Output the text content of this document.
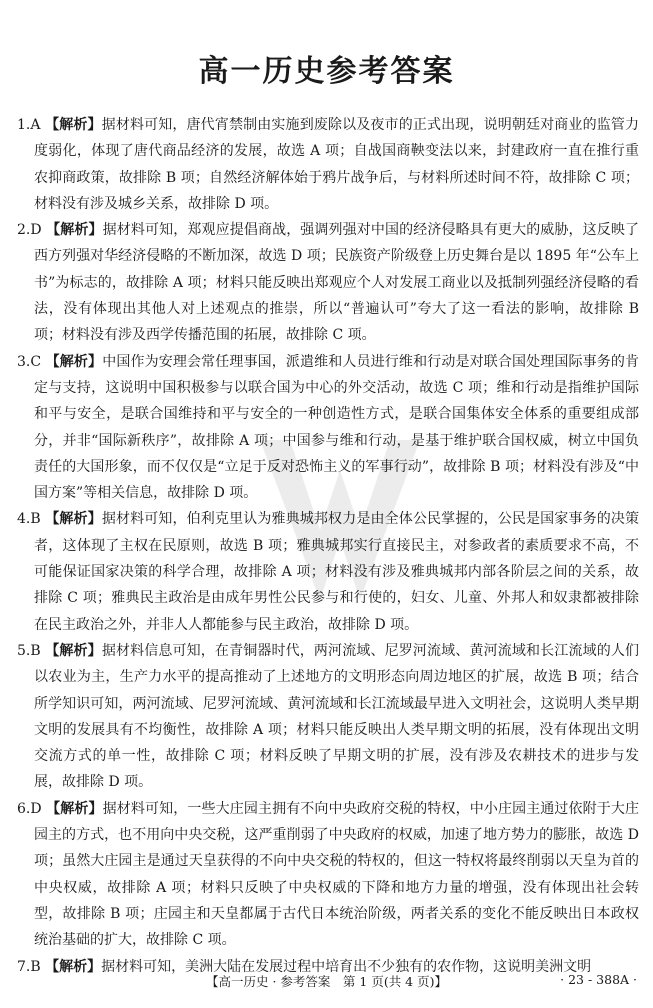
高一历史参考答案

1.A 【解析】据材料可知，唐代宵禁制由实施到废除以及夜市的正式出现，说明朝廷对商业的监管力度弱化，体现了唐代商品经济的发展，故选 A 项；自战国商鞅变法以来，封建政府一直在推行重农抑商政策，故排除 B 项；自然经济解体始于鸦片战争后，与材料所述时间不符，故排除 C 项；材料没有涉及城乡关系，故排除 D 项。

2.D 【解析】据材料可知，郑观应提倡商战，强调列强对中国的经济侵略具有更大的威胁，这反映了西方列强对华经济侵略的不断加深，故选 D 项；民族资产阶级登上历史舞台是以 1895 年“公车上书”为标志的，故排除 A 项；材料只能反映出郑观应个人对发展工商业以及抵制列强经济侵略的看法，没有体现出其他人对上述观点的推崇，所以“普遍认可”夸大了这一看法的影响，故排除 B 项；材料没有涉及西学传播范围的拓展，故排除 C 项。

3.C 【解析】中国作为安理会常任理事国，派遣维和人员进行维和行动是对联合国处理国际事务的肯定与支持，这说明中国积极参与以联合国为中心的外交活动，故选 C 项；维和行动是指维护国际和平与安全，是联合国维持和平与安全的一种创造性方式，是联合国集体安全体系的重要组成部分，并非“国际新秩序”，故排除 A 项；中国参与维和行动，是基于维护联合国权威，树立中国负责任的大国形象，而不仅仅是“立足于反对恐怖主义的军事行动”，故排除 B 项；材料没有涉及“中国方案”等相关信息，故排除 D 项。

4.B 【解析】据材料可知，伯利克里认为雅典城邦权力是由全体公民掌握的，公民是国家事务的决策者，这体现了主权在民原则，故选 B 项；雅典城邦实行直接民主，对参政者的素质要求不高，不可能保证国家决策的科学合理，故排除 A 项；材料没有涉及雅典城邦内部各阶层之间的关系，故排除 C 项；雅典民主政治是由成年男性公民参与和行使的，妇女、儿童、外邦人和奴隶都被排除在民主政治之外，并非人人都能参与民主政治，故排除 D 项。

5.B 【解析】据材料信息可知，在青铜器时代，两河流域、尼罗河流域、黄河流域和长江流域的人们以农业为主，生产力水平的提高推动了上述地方的文明形态向周边地区的扩展，故选 B 项；结合所学知识可知，两河流域、尼罗河流域、黄河流域和长江流域最早进入文明社会，这说明人类早期文明的发展具有不均衡性，故排除 A 项；材料只能反映出人类早期文明的拓展，没有体现出文明交流方式的单一性，故排除 C 项；材料反映了早期文明的扩展，没有涉及农耕技术的进步与发展，故排除 D 项。

6.D 【解析】据材料可知，一些大庄园主拥有不向中央政府交税的特权，中小庄园主通过依附于大庄园主的方式，也不用向中央交税，这严重削弱了中央政府的权威，加速了地方势力的膨胀，故选 D 项；虽然大庄园主是通过天皇获得的不向中央交税的特权的，但这一特权将最终削弱以天皇为首的中央权威，故排除 A 项；材料只反映了中央权威的下降和地方力量的增强，没有体现出社会转型，故排除 B 项；庄园主和天皇都属于古代日本统治阶级，两者关系的变化不能反映出日本政权统治基础的扩大，故排除 C 项。

7.B 【解析】据材料可知，美洲大陆在发展过程中培育出不少独有的农作物，这说明美洲文明

【高一历史 · 参考答案　第 1 页(共 4 页)】	· 23 - 388A ·
